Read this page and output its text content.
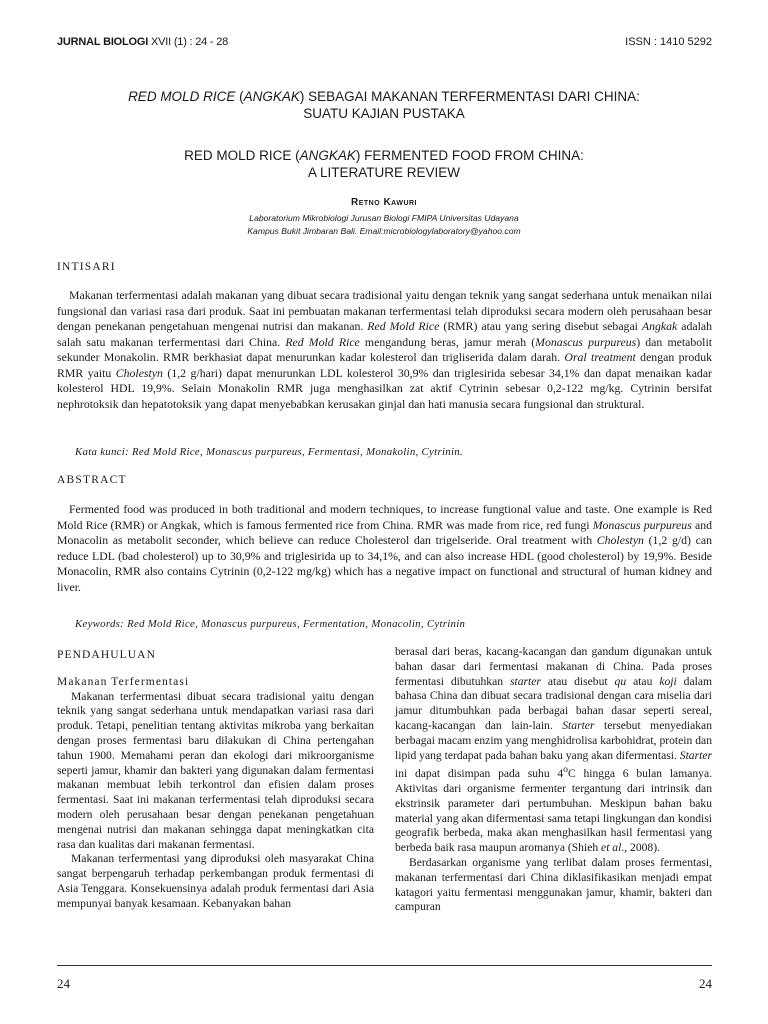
JURNAL BIOLOGI XVII (1) : 24 - 28	ISSN : 1410 5292
RED MOLD RICE (ANGKAK) SEBAGAI MAKANAN TERFERMENTASI DARI CHINA:
SUATU KAJIAN PUSTAKA
RED MOLD RICE (ANGKAK) FERMENTED FOOD FROM CHINA:
A LITERATURE REVIEW
Retno Kawuri
Laboratorium Mikrobiologi Jurusan Biologi FMIPA Universitas Udayana
Kampus Bukit Jimbaran Bali. Email:microbiologylaboratory@yahoo.com
INTISARI

Makanan terfermentasi adalah makanan yang dibuat secara tradisional yaitu dengan teknik yang sangat sederhana untuk menaikan nilai fungsional dan variasi rasa dari produk. Saat ini pembuatan makanan terfermentasi telah diproduksi secara modern oleh perusahaan besar dengan penekanan pengetahuan mengenai nutrisi dan makanan. Red Mold Rice (RMR) atau yang sering disebut sebagai Angkak adalah salah satu makanan terfermentasi dari China. Red Mold Rice mengandung beras, jamur merah (Monascus purpureus) dan metabolit sekunder Monakolin. RMR berkhasiat dapat menurunkan kadar kolesterol dan trigliserida dalam darah. Oral treatment dengan produk RMR yaitu Cholestyn (1,2 g/hari) dapat menurunkan LDL kolesterol 30,9% dan triglesirida sebesar 34,1% dan dapat menaikan kadar kolesterol HDL 19,9%. Selain Monakolin RMR juga menghasilkan zat aktif Cytrinin sebesar 0,2-122 mg/kg. Cytrinin bersifat nephrotoksik dan hepatotoksik yang dapat menyebabkan kerusakan ginjal dan hati manusia secara fungsional dan struktural.

Kata kunci: Red Mold Rice, Monascus purpureus, Fermentasi, Monakolin, Cytrinin.
ABSTRACT

Fermented food was produced in both traditional and modern techniques, to increase fungtional value and taste. One example is Red Mold Rice (RMR) or Angkak, which is famous fermented rice from China. RMR was made from rice, red fungi Monascus purpureus and Monacolin as metabolit seconder, which believe can reduce Cholesterol dan trigelseride. Oral treatment with Cholestyn (1,2 g/d) can reduce LDL (bad cholesterol) up to 30,9% and triglesirida up to 34,1%, and can also increase HDL (good cholesterol) by 19,9%. Beside Monacolin, RMR also contains Cytrinin (0,2-122 mg/kg) which has a negative impact on functional and structural of human kidney and liver.

Keywords: Red Mold Rice, Monascus purpureus, Fermentation, Monacolin, Cytrinin
PENDAHULUAN
Makanan Terfermentasi

Makanan terfermentasi dibuat secara tradisional yaitu dengan teknik yang sangat sederhana untuk mendapatkan variasi rasa dari produk. Tetapi, penelitian tentang aktivitas mikroba yang berkaitan dengan proses fermentasi baru dilakukan di China pertengahan tahun 1900. Memahami peran dan ekologi dari mikroorganisme seperti jamur, khamir dan bakteri yang digunakan dalam fermentasi makanan membuat lebih terkontrol dan efisien dalam proses fermentasi. Saat ini makanan terfermentasi telah diproduksi secara modern oleh perusahaan besar dengan penekanan pengetahuan mengenai nutrisi dan makanan sehingga dapat meningkatkan cita rasa dan kualitas dari makanan fermentasi.

Makanan terfermentasi yang diproduksi oleh masyarakat China sangat berpengaruh terhadap perkembangan produk fermentasi di Asia Tenggara. Konsekuensinya adalah produk fermentasi dari Asia mempunyai banyak kesamaan. Kebanyakan bahan

berasal dari beras, kacang-kacangan dan gandum digunakan untuk bahan dasar dari fermentasi makanan di China. Pada proses fermentasi dibutuhkan starter atau disebut qu atau koji dalam bahasa China dan dibuat secara tradisional dengan cara miselia dari jamur ditumbuhkan pada berbagai bahan dasar seperti sereal, kacang-kacangan dan lain-lain. Starter tersebut menyediakan berbagai macam enzim yang menghidrolisa karbohidrat, protein dan lipid yang terdapat pada bahan baku yang akan difermentasi. Starter ini dapat disimpan pada suhu 4$^o$C hingga 6 bulan lamanya. Aktivitas dari organisme fermenter tergantung dari intrinsik dan ekstrinsik parameter dari pertumbuhan. Meskipun bahan baku material yang akan difermentasi sama tetapi lingkungan dan kondisi geografik berbeda, maka akan menghasilkan hasil fermentasi yang berbeda baik rasa maupun aromanya (Shieh et al., 2008).

Berdasarkan organisme yang terlibat dalam proses fermentasi, makanan terfermentasi dari China diklasifikasikan menjadi empat katagori yaitu fermentasi menggunakan jamur, khamir, bakteri dan campuran

24	24
